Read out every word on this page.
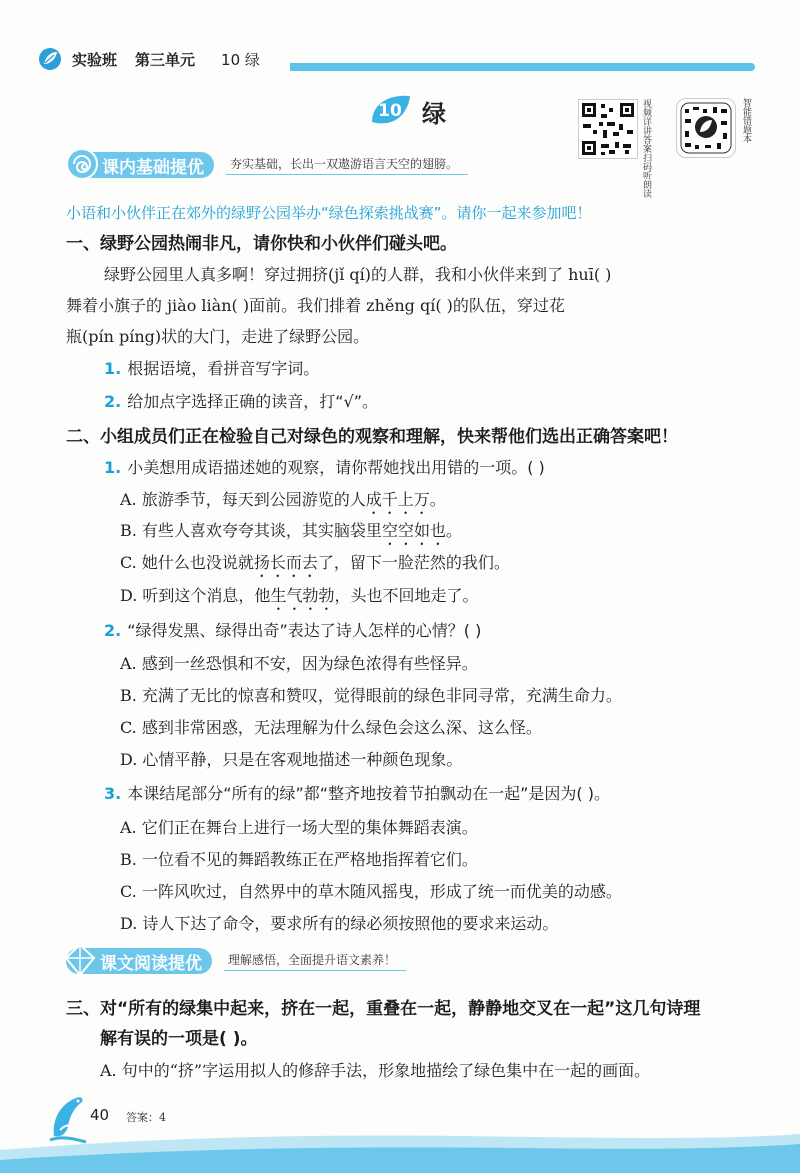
实验班 第三单元 10 绿
10 绿	视频详讲答案扫码听朗读	智能错题本
课内基础提优	夯实基础，长出一双遨游语言天空的翅膀。
小语和小伙伴正在郊外的绿野公园举办“绿色探索挑战赛”。请你一起来参加吧！
一、绿野公园热闹非凡，请你快和小伙伴们碰头吧。
绿野公园里人真多啊！穿过拥挤(jǐ qí)的人群，我和小伙伴来到了 huī( )
舞着小旗子的 jiào liàn( )面前。我们排着 zhěng qí( )的队伍，穿过花
瓶(pín píng)状的大门，走进了绿野公园。
1. 根据语境，看拼音写字词。
2. 给加点字选择正确的读音，打“√”。
二、小组成员们正在检验自己对绿色的观察和理解，快来帮他们选出正确答案吧！
1. 小美想用成语描述她的观察，请你帮她找出用错的一项。( )
A. 旅游季节，每天到公园游览的人成千上万。
B. 有些人喜欢夸夸其谈，其实脑袋里空空如也。
C. 她什么也没说就扬长而去了，留下一脸茫然的我们。
D. 听到这个消息，他生气勃勃，头也不回地走了。
2. “绿得发黑、绿得出奇”表达了诗人怎样的心情？( )
A. 感到一丝恐惧和不安，因为绿色浓得有些怪异。
B. 充满了无比的惊喜和赞叹，觉得眼前的绿色非同寻常，充满生命力。
C. 感到非常困惑，无法理解为什么绿色会这么深、这么怪。
D. 心情平静，只是在客观地描述一种颜色现象。
3. 本课结尾部分“所有的绿”都“整齐地按着节拍飘动在一起”是因为( )。
A. 它们正在舞台上进行一场大型的集体舞蹈表演。
B. 一位看不见的舞蹈教练正在严格地指挥着它们。
C. 一阵风吹过，自然界中的草木随风摇曳，形成了统一而优美的动感。
D. 诗人下达了命令，要求所有的绿必须按照他的要求来运动。
课文阅读提优	理解感悟，全面提升语文素养！
三、对“所有的绿集中起来，挤在一起，重叠在一起，静静地交叉在一起”这几句诗理
解有误的一项是( )。
A. 句中的“挤”字运用拟人的修辞手法，形象地描绘了绿色集中在一起的画面。
40 答案：4
